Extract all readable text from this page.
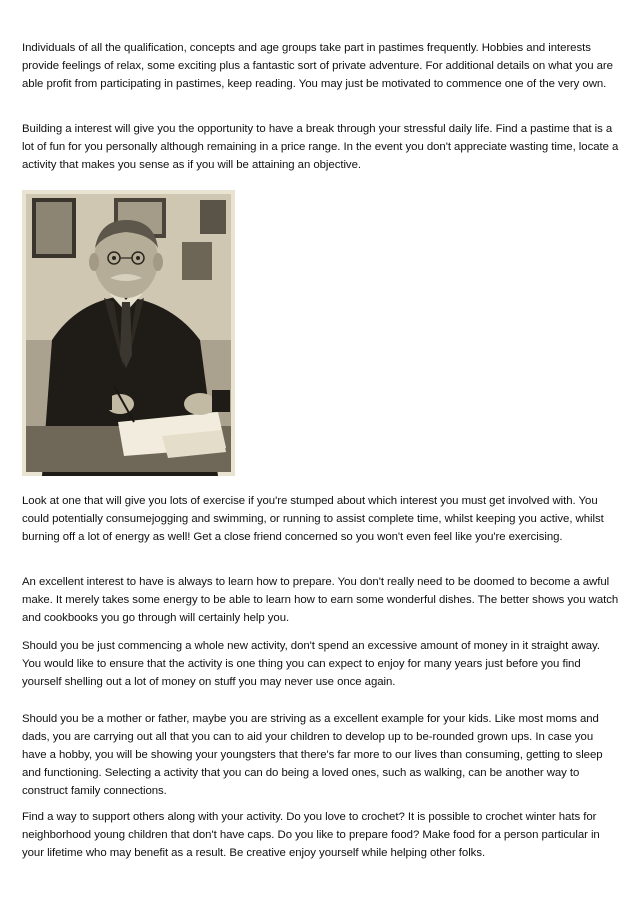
Individuals of all the qualification, concepts and age groups take part in pastimes frequently. Hobbies and interests provide feelings of relax, some exciting plus a fantastic sort of private adventure. For additional details on what you are able profit from participating in pastimes, keep reading. You may just be motivated to commence one of the very own.

Building a interest will give you the opportunity to have a break through your stressful daily life. Find a pastime that is a lot of fun for you personally although remaining in a price range. In the event you don't appreciate wasting time, locate a activity that makes you sense as if you will be attaining an objective.

Look at one that will give you lots of exercise if you're stumped about which interest you must get involved with. You could potentially consumejogging and swimming, or running to assist complete time, whilst keeping you active, whilst burning off a lot of energy as well! Get a close friend concerned so you won't even feel like you're exercising.

An excellent interest to have is always to learn how to prepare. You don't really need to be doomed to become a awful make. It merely takes some energy to be able to learn how to earn some wonderful dishes. The better shows you watch and cookbooks you go through will certainly help you.

Should you be just commencing a whole new activity, don't spend an excessive amount of money in it straight away. You would like to ensure that the activity is one thing you can expect to enjoy for many years just before you find yourself shelling out a lot of money on stuff you may never use once again.

Should you be a mother or father, maybe you are striving as a excellent example for your kids. Like most moms and dads, you are carrying out all that you can to aid your children to develop up to be-rounded grown ups. In case you have a hobby, you will be showing your youngsters that there's far more to our lives than consuming, getting to sleep and functioning. Selecting a activity that you can do being a loved ones, such as walking, can be another way to construct family connections.

Find a way to support others along with your activity. Do you love to crochet? It is possible to crochet winter hats for neighborhood young children that don't have caps. Do you like to prepare food? Make food for a person particular in your lifetime who may benefit as a result. Be creative enjoy yourself while helping other folks.
